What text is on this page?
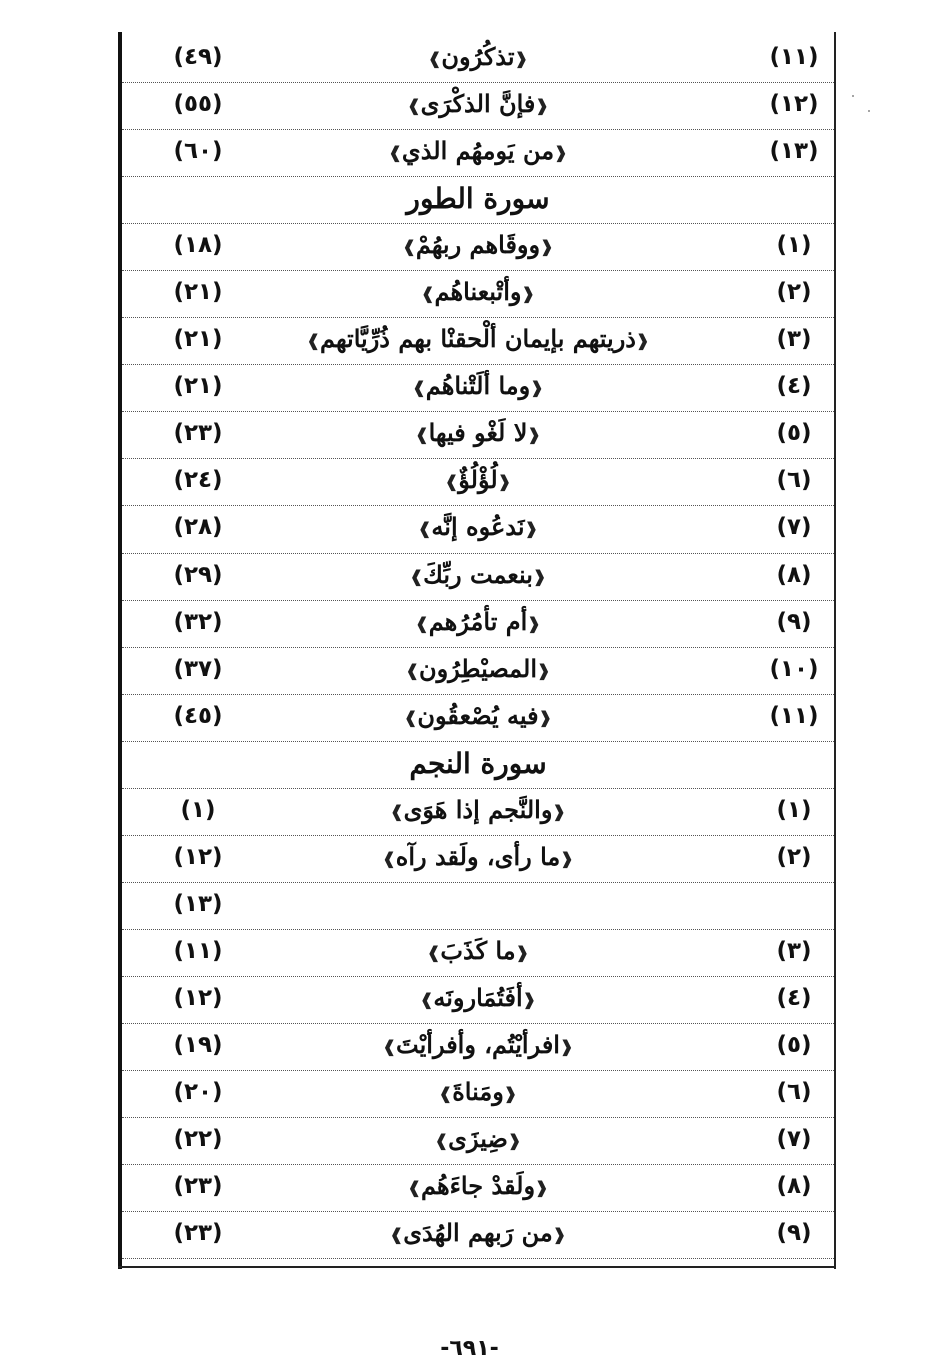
(١١)
❰تذكُرُون❱
(٤٩)
(١٢)
❰فإنَّ الذكْرَى❱
(٥٥)
(١٣)
❰من يَومهُم الذي❱
(٦٠)
سورة الطور
(١)
❰ووقَاهم ربهُمْ❱
(١٨)
(٢)
❰وأتْبعناهُم❱
(٢١)
(٣)
❰ذريتهم بإيمان ألْحقنْا بهم ذُرِّيَّاتهم❱
(٢١)
(٤)
❰وما ألَتْناهُم❱
(٢١)
(٥)
❰لا لَغْو فيها❱
(٢٣)
(٦)
❰لُؤْلُؤٌ❱
(٢٤)
(٧)
❰نَدعُوه إنَّه❱
(٢٨)
(٨)
❰بنعمت ربِّكَ❱
(٢٩)
(٩)
❰أم تأمُرُهم❱
(٣٢)
(١٠)
❰المصيْطِرُون❱
(٣٧)
(١١)
❰فيه يُصْعقُون❱
(٤٥)
سورة النجم
(١)
❰والنَّجم إذا هَوَى❱
(١)
(٢)
❰ما رأى، ولَقد رآه❱
(١٢)
(١٣)
(٣)
❰ما كَذَبَ❱
(١١)
(٤)
❰أفَتُمَارونَه❱
(١٢)
(٥)
❰افرأيْتُم، وأفرأيْتَ❱
(١٩)
(٦)
❰ومَناةَ❱
(٢٠)
(٧)
❰ضِيزَى❱
(٢٢)
(٨)
❰ولَقدْ جاءَهُم❱
(٢٣)
(٩)
❰من رَبهم الهُدَى❱
(٢٣)
-٦٩١-
